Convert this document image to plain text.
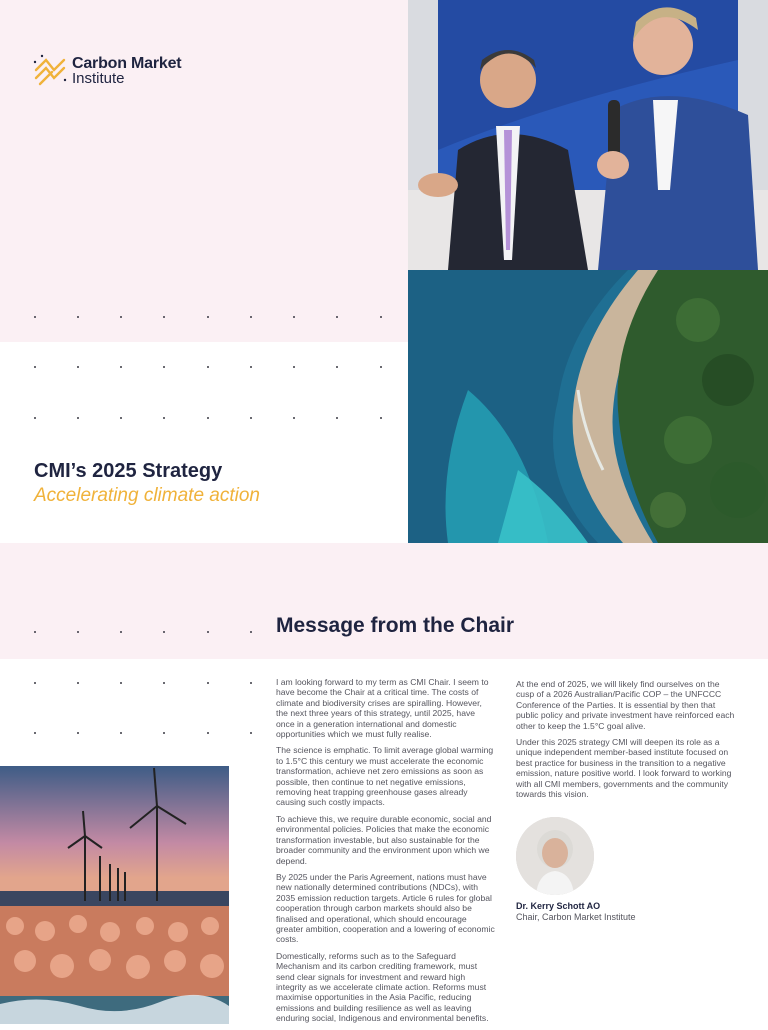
Carbon Market
Institute
CMI’s 2025 Strategy
Accelerating climate action
Message from the Chair

I am looking forward to my term as CMI Chair. I seem to have become the Chair at a critical time. The costs of climate and biodiversity crises are spiralling. However, the next three years of this strategy, until 2025, have once in a generation international and domestic opportunities which we must fully realise.

The science is emphatic. To limit average global warming to 1.5°C this century we must accelerate the economic transformation, achieve net zero emissions as soon as possible, then continue to net negative emissions, removing heat trapping greenhouse gases already causing such costly impacts.

To achieve this, we require durable economic, social and environmental policies. Policies that make the economic transformation investable, but also sustainable for the broader community and the environment upon which we depend.

By 2025 under the Paris Agreement, nations must have new nationally determined contributions (NDCs), with 2035 emission reduction targets. Article 6 rules for global cooperation through carbon markets should also be finalised and operational, which should encourage greater ambition, cooperation and a lowering of economic costs.

Domestically, reforms such as to the Safeguard Mechanism and its carbon crediting framework, must send clear signals for investment and reward high integrity as we accelerate climate action. Reforms must maximise opportunities in the Asia Pacific, reducing emissions and building resilience as well as leaving enduring social, Indigenous and environmental benefits.

At the end of 2025, we will likely find ourselves on the cusp of a 2026 Australian/Pacific COP – the UNFCCC Conference of the Parties. It is essential by then that public policy and private investment have reinforced each other to keep the 1.5°C goal alive.

Under this 2025 strategy CMI will deepen its role as a unique independent member-based institute focused on best practice for business in the transition to a negative emission, nature positive world. I look forward to working with all CMI members, governments and the community towards this vision.

Dr. Kerry Schott AO
Chair, Carbon Market Institute
